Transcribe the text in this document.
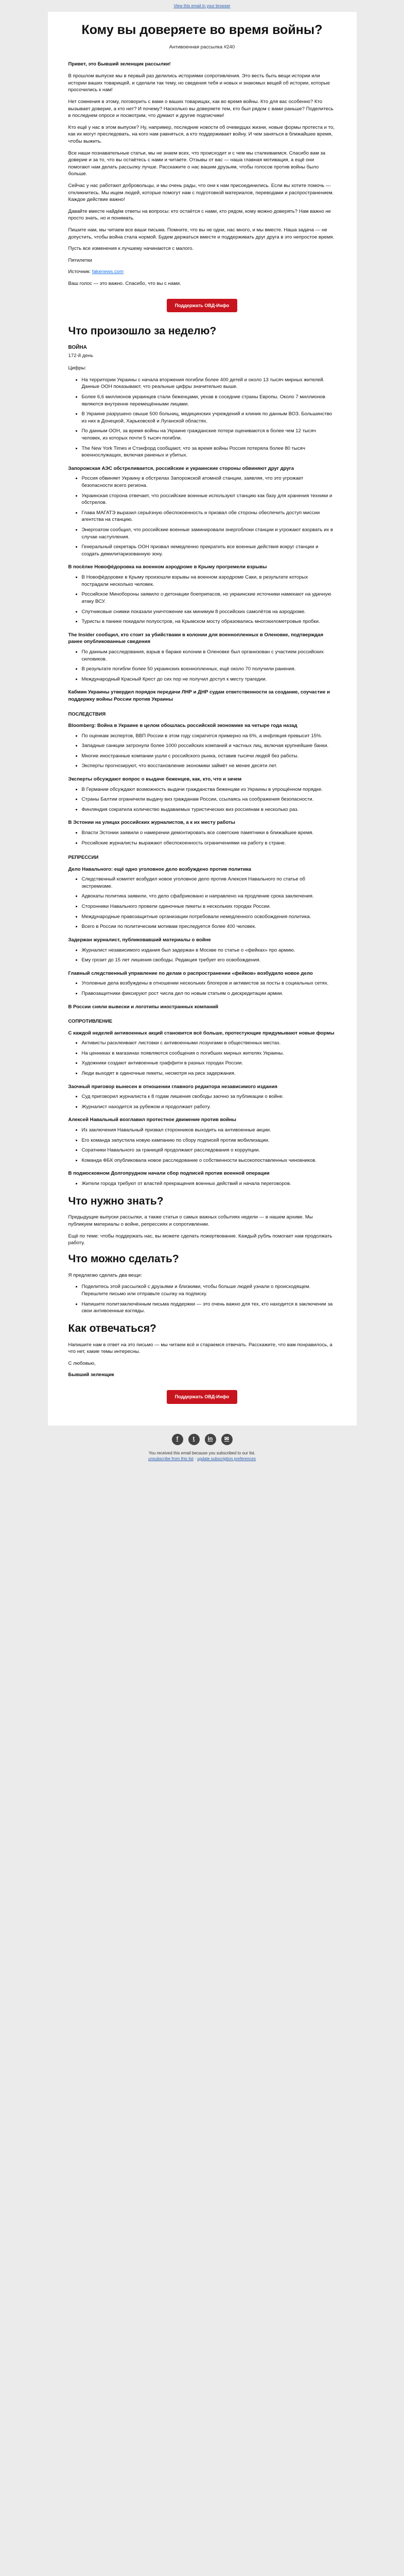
View this email in your browser
Кому вы доверяете во время войны?
Антивоенная рассылка #240

Привет, это Бывший зеленщик рассылки!

В прошлом выпуске мы в первый раз делились историями сопротивления. Это весть быть вещи истории или истории ваших товарищей, и сделали так тему, но сведения тебя и новых и знакомых вещей об истории, которые просочились к нам!

Нет сомнения в этому, поговорить с вами о ваших товарищах, как во время войны. Кто для вас особенно? Кто вызывает доверие, а кто нет? И почему? Насколько вы доверяете тем, кто был рядом с вами раньше? Поделитесь в последнем опросе и посмотрим, что думают и другие подписчики!

Кто ещё у нас в этом выпуске? Ну, например, последние новости об очевидцах жизни, новые формы протеста и то, как их могут преследовать, на кого нам равняться, а кто поддерживает войну. И чем заняться в ближайшее время, чтобы выжить.

Все наши познавательные статьи, мы не знаем всех, что происходит и с чем мы сталкиваемся. Спасибо вам за доверие и за то, что вы остаётесь с нами и читаете. Отзывы от вас — наша главная мотивация, а ещё они помогают нам делать рассылку лучше. Расскажите о нас вашим друзьям, чтобы голосов против войны было больше.

Сейчас у нас работают добровольцы, и мы очень рады, что они к нам присоединились. Если вы хотите помочь — откликнитесь. Мы ищем людей, которые помогут нам с подготовкой материалов, переводами и распространением. Каждое действие важно!

Давайте вместе найдём ответы на вопросы: кто остаётся с нами, кто рядом, кому можно доверять? Нам важно не просто знать, но и понимать.

Пишите нам, мы читаем все ваши письма. Помните, что вы не одни, нас много, и мы вместе. Наша задача — не допустить, чтобы война стала нормой. Будем держаться вместе и поддерживать друг друга в это непростое время.

Пусть все изменения к лучшему начинаются с малого.

Пятилетки

Источник: fakenews.com

Ваш голос — это важно. Спасибо, что вы с нами.

Поддержать ОВД-Инфо
Что произошло за неделю?
ВОЙНА
172-й день

Цифры:

• На территории Украины с начала вторжения погибли более 400 детей и около 13 тысяч мирных жителей. Данные ООН показывают, что реальные цифры значительно выше.
• Более 6,6 миллионов украинцев стали беженцами, уехав в соседние страны Европы. Около 7 миллионов являются внутренне перемещёнными лицами.
• В Украине разрушено свыше 500 больниц, медицинских учреждений и клиник по данным ВОЗ. Большинство из них в Донецкой, Харьковской и Луганской областях.
• По данным ООН, за время войны на Украине гражданские потери оцениваются в более чем 12 тысяч человек, из которых почти 5 тысяч погибли.
• The New York Times и Стэнфорд сообщают, что за время войны Россия потеряла более 80 тысяч военнослужащих, включая раненых и убитых.
Запорожская АЭС обстреливается, российские и украинские стороны обвиняют друг друга
• Россия обвиняет Украину в обстрелах Запорожской атомной станции, заявляя, что это угрожает безопасности всего региона.
• Украинская сторона отвечает, что российские военные используют станцию как базу для хранения техники и обстрелов.
• Глава МАГАТЭ выразил серьёзную обеспокоенность и призвал обе стороны обеспечить доступ миссии агентства на станцию.
• Энергоатом сообщил, что российские военные заминировали энергоблоки станции и угрожают взорвать их в случае наступления.
• Генеральный секретарь ООН призвал немедленно прекратить все военные действия вокруг станции и создать демилитаризованную зону.
В посёлке Новофёдоровка на военном аэродроме в Крыму прогремели взрывы
• В Новофёдоровке в Крыму произошли взрывы на военном аэродроме Саки, в результате которых пострадали несколько человек.
• Российское Минобороны заявило о детонации боеприпасов, но украинские источники намекают на удачную атаку ВСУ.
• Спутниковые снимки показали уничтожение как минимум 8 российских самолётов на аэродроме.
• Туристы в панике покидали полуостров, на Крымском мосту образовались многокилометровые пробки.
The Insider сообщил, кто стоит за убийствами в колонии для военнопленных в Оленовке, подтверждая ранее опубликованные сведения
• По данным расследования, взрыв в бараке колонии в Оленовке был организован с участием российских силовиков.
• В результате погибли более 50 украинских военнопленных, ещё около 70 получили ранения.
• Международный Красный Крест до сих пор не получил доступ к месту трагедии.
Кабмин Украины утвердил порядок передачи ЛНР и ДНР судам ответственности за создание, соучастие и поддержку войны России против Украины
ПОСЛЕДСТВИЯ
Bloomberg: Война в Украине в целом обошлась российской экономике на четыре года назад
• По оценкам экспертов, ВВП России в этом году сократится примерно на 6%, а инфляция превысит 15%.
• Западные санкции затронули более 1000 российских компаний и частных лиц, включая крупнейшие банки.
• Многие иностранные компании ушли с российского рынка, оставив тысячи людей без работы.
• Эксперты прогнозируют, что восстановление экономики займёт не менее десяти лет.
Эксперты обсуждают вопрос о выдаче беженцев, как, кто, что и зачем
• В Германии обсуждают возможность выдачи гражданства беженцам из Украины в упрощённом порядке.
• Страны Балтии ограничили выдачу виз гражданам России, ссылаясь на соображения безопасности.
• Финляндия сократила количество выдаваемых туристических виз россиянам в несколько раз.
В Эстонии на улицах российских журналистов, а к их месту работы
• Власти Эстонии заявили о намерении демонтировать все советские памятники в ближайшее время.
• Российские журналисты выражают обеспокоенность ограничениями на работу в стране.
РЕПРЕССИИ
Дело Навального: ещё одно уголовное дело возбуждено против политика
• Следственный комитет возбудил новое уголовное дело против Алексея Навального по статье об экстремизме.
• Адвокаты политика заявили, что дело сфабриковано и направлено на продление срока заключения.
• Сторонники Навального провели одиночные пикеты в нескольких городах России.
• Международные правозащитные организации потребовали немедленного освобождения политика.
• Всего в России по политическим мотивам преследуется более 400 человек.
Задержан журналист, публиковавший материалы о войне
• Журналист независимого издания был задержан в Москве по статье о «фейках» про армию.
• Ему грозит до 15 лет лишения свободы. Редакция требует его освобождения.
Главный следственный управление по делам о распространении «фейков» возбудило новое дело
• Уголовные дела возбуждены в отношении нескольких блогеров и активистов за посты в социальных сетях.
• Правозащитники фиксируют рост числа дел по новым статьям о дискредитации армии.
В России сняли вывески и логотипы иностранных компаний
СОПРОТИВЛЕНИЕ
С каждой неделей антивоенных акций становится всё больше, протестующие придумывают новые формы
• Активисты расклеивают листовки с антивоенными лозунгами в общественных местах.
• На ценниках в магазинах появляются сообщения о погибших мирных жителях Украины.
• Художники создают антивоенные граффити в разных городах России.
• Люди выходят в одиночные пикеты, несмотря на риск задержания.
Заочный приговор вынесен в отношении главного редактора независимого издания
• Суд приговорил журналиста к 8 годам лишения свободы заочно за публикации о войне.
• Журналист находится за рубежом и продолжает работу.
Алексей Навальный возглавил протестное движение против войны
• Из заключения Навальный призвал сторонников выходить на антивоенные акции.
• Его команда запустила новую кампанию по сбору подписей против мобилизации.
• Соратники Навального за границей продолжают расследования о коррупции.
• Команда ФБК опубликовала новое расследование о собственности высокопоставленных чиновников.
В подмосковном Долгопрудном начали сбор подписей против военной операции
• Жители города требуют от властей прекращения военных действий и начала переговоров.
Что нужно знать?

Предыдущие выпуски рассылки, а также статьи о самых важных событиях недели — в нашем архиве. Мы публикуем материалы о войне, репрессиях и сопротивлении.

Ещё по теме: чтобы поддержать нас, вы можете сделать пожертвование. Каждый рубль помогает нам продолжать работу.

Что можно сделать?

Я предлагаю сделать два вещи:

• Поделитесь этой рассылкой с друзьями и близкими, чтобы больше людей узнали о происходящем. Перешлите письмо или отправьте ссылку на подписку.
• Напишите политзаключённым письма поддержки — это очень важно для тех, кто находится в заключении за свои антивоенные взгляды.
Как отвечаться?

Напишите нам в ответ на это письмо — мы читаем всё и стараемся отвечать. Расскажите, что вам понравилось, а что нет, какие темы интересны.

С любовью,

Бывший зеленщик

Поддержать ОВД-Инфо
f	t	in	✉
You received this email because you subscribed to our list.
unsubscribe from this list · update subscription preferences
